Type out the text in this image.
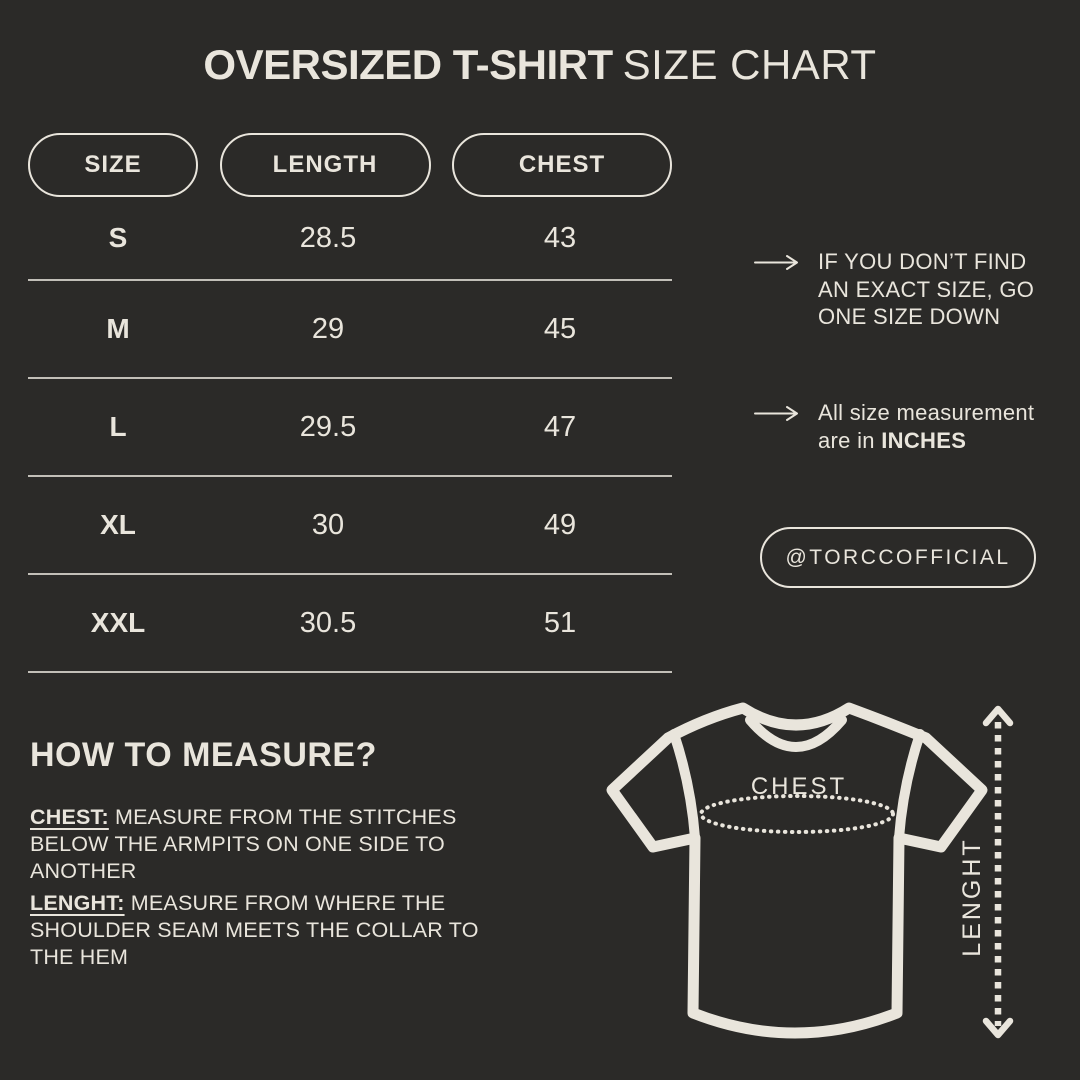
OVERSIZED T-SHIRT SIZE CHART
SIZE	LENGTH	CHEST
S	28.5	43
M	29	45
L	29.5	47
XL	30	49
XXL	30.5	51
IF YOU DON’T FIND
AN EXACT SIZE, GO
ONE SIZE DOWN
All size measurement
are in INCHES
@TORCCOFFICIAL
HOW TO MEASURE?

CHEST: MEASURE FROM THE STITCHES BELOW THE ARMPITS ON ONE SIDE TO ANOTHER

LENGHT: MEASURE FROM WHERE THE SHOULDER SEAM MEETS THE COLLAR TO THE HEM

CHEST
LENGHT
